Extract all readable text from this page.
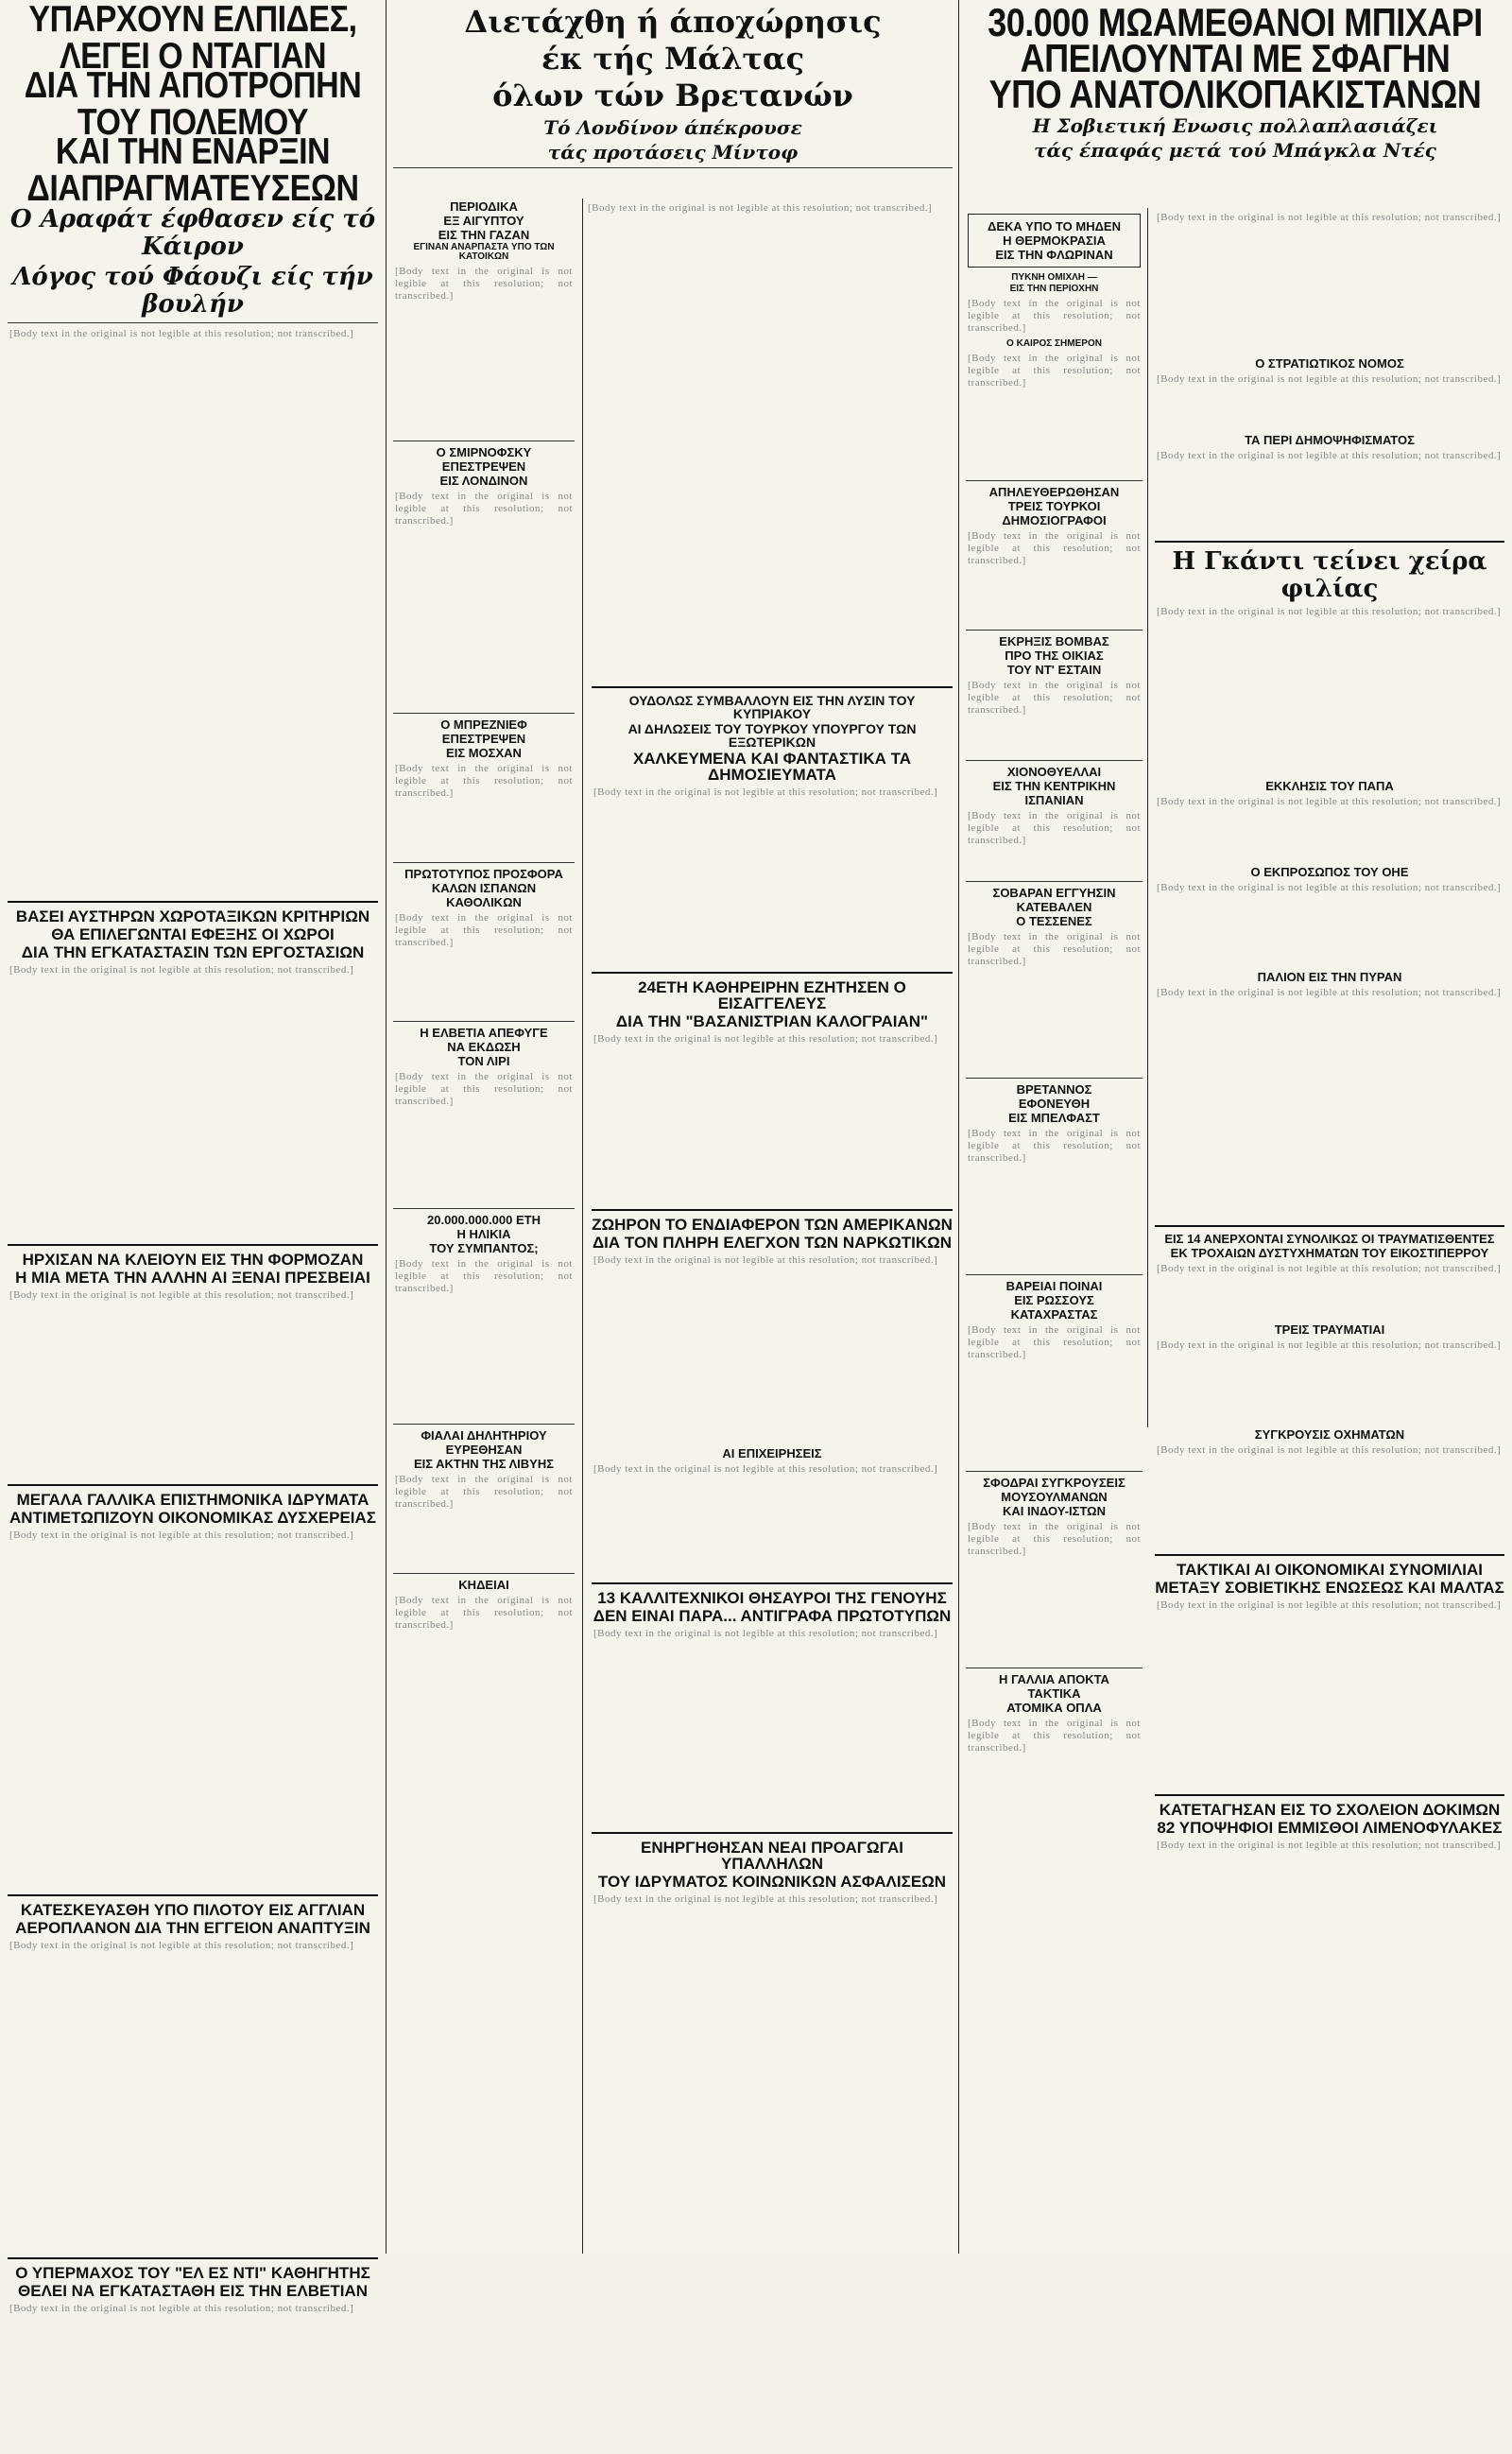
ΥΠΑΡΧΟΥΝ ΕΛΠΙΔΕΣ, ΛΕΓΕΙ Ο ΝΤΑΓΙΑΝ
ΔΙΑ ΤΗΝ ΑΠΟΤΡΟΠΗΝ ΤΟΥ ΠΟΛΕΜΟΥ
ΚΑΙ ΤΗΝ ΕΝΑΡΞΙΝ ΔΙΑΠΡΑΓΜΑΤΕΥΣΕΩΝ
Ο Αραφάτ έφθασεν είς τό Κάιρον
Λόγος τού Φάουζι είς τήν βουλήν
[Body text in the original is not legible at this resolution; not transcribed.]
ΒΑΣΕΙ ΑΥΣΤΗΡΩΝ ΧΩΡΟΤΑΞΙΚΩΝ ΚΡΙΤΗΡΙΩΝ
ΘΑ ΕΠΙΛΕΓΩΝΤΑΙ ΕΦΕΞΗΣ ΟΙ ΧΩΡΟΙ
ΔΙΑ ΤΗΝ ΕΓΚΑΤΑΣΤΑΣΙΝ ΤΩΝ ΕΡΓΟΣΤΑΣΙΩΝ
[Body text in the original is not legible at this resolution; not transcribed.]
ΗΡΧΙΣΑΝ ΝΑ ΚΛΕΙΟΥΝ ΕΙΣ ΤΗΝ ΦΟΡΜΟΖΑΝ
Η ΜΙΑ ΜΕΤΑ ΤΗΝ ΑΛΛΗΝ ΑΙ ΞΕΝΑΙ ΠΡΕΣΒΕΙΑΙ
[Body text in the original is not legible at this resolution; not transcribed.]
ΜΕΓΑΛΑ ΓΑΛΛΙΚΑ ΕΠΙΣΤΗΜΟΝΙΚΑ ΙΔΡΥΜΑΤΑ
ΑΝΤΙΜΕΤΩΠΙΖΟΥΝ ΟΙΚΟΝΟΜΙΚΑΣ ΔΥΣΧΕΡΕΙΑΣ
[Body text in the original is not legible at this resolution; not transcribed.]
ΚΑΤΕΣΚΕΥΑΣΘΗ ΥΠΟ ΠΙΛΟΤΟΥ ΕΙΣ ΑΓΓΛΙΑΝ
ΑΕΡΟΠΛΑΝΟΝ ΔΙΑ ΤΗΝ ΕΓΓΕΙΟΝ ΑΝΑΠΤΥΞΙΝ
[Body text in the original is not legible at this resolution; not transcribed.]
Ο ΥΠΕΡΜΑΧΟΣ ΤΟΥ "ΕΛ ΕΣ ΝΤΙ" ΚΑΘΗΓΗΤΗΣ
ΘΕΛΕΙ ΝΑ ΕΓΚΑΤΑΣΤΑΘΗ ΕΙΣ ΤΗΝ ΕΛΒΕΤΙΑΝ
[Body text in the original is not legible at this resolution; not transcribed.]
Διετάχθη ή άποχώρησις
έκ τής Μάλτας
όλων τών Βρετανών
Τό Λονδίνον άπέκρουσε
τάς προτάσεις Μίντοφ
ΠΕΡΙΟΔΙΚΑ
ΕΞ ΑΙΓΥΠΤΟΥ
ΕΙΣ ΤΗΝ ΓΑΖΑΝ
ΕΓΙΝΑΝ ΑΝΑΡΠΑΣΤΑ ΥΠΟ ΤΩΝ ΚΑΤΟΙΚΩΝ
[Body text in the original is not legible at this resolution; not transcribed.]
Ο ΣΜΙΡΝΟΦΣΚΥ
ΕΠΕΣΤΡΕΨΕΝ
ΕΙΣ ΛΟΝΔΙΝΟΝ
[Body text in the original is not legible at this resolution; not transcribed.]
Ο ΜΠΡΕΖΝΙΕΦ
ΕΠΕΣΤΡΕΨΕΝ
ΕΙΣ ΜΟΣΧΑΝ
[Body text in the original is not legible at this resolution; not transcribed.]
ΠΡΩΤΟΤΥΠΟΣ ΠΡΟΣΦΟΡΑ
ΚΑΛΩΝ ΙΣΠΑΝΩΝ
ΚΑΘΟΛΙΚΩΝ
[Body text in the original is not legible at this resolution; not transcribed.]
Η ΕΛΒΕΤΙΑ ΑΠΕΦΥΓΕ
ΝΑ ΕΚΔΩΣΗ
ΤΟΝ ΛΙΡΙ
[Body text in the original is not legible at this resolution; not transcribed.]
20.000.000.000 ΕΤΗ
Η ΗΛΙΚΙΑ
ΤΟΥ ΣΥΜΠΑΝΤΟΣ;
[Body text in the original is not legible at this resolution; not transcribed.]
ΦΙΑΛΑΙ ΔΗΛΗΤΗΡΙΟΥ
ΕΥΡΕΘΗΣΑΝ
ΕΙΣ ΑΚΤΗΝ ΤΗΣ ΛΙΒΥΗΣ
[Body text in the original is not legible at this resolution; not transcribed.]
ΚΗΔΕΙΑΙ
[Body text in the original is not legible at this resolution; not transcribed.]
[Body text in the original is not legible at this resolution; not transcribed.]
ΟΥΔΟΛΩΣ ΣΥΜΒΑΛΛΟΥΝ ΕΙΣ ΤΗΝ ΛΥΣΙΝ ΤΟΥ ΚΥΠΡΙΑΚΟΥ
ΑΙ ΔΗΛΩΣΕΙΣ ΤΟΥ ΤΟΥΡΚΟΥ ΥΠΟΥΡΓΟΥ ΤΩΝ ΕΞΩΤΕΡΙΚΩΝ
ΧΑΛΚΕΥΜΕΝΑ ΚΑΙ ΦΑΝΤΑΣΤΙΚΑ ΤΑ ΔΗΜΟΣΙΕΥΜΑΤΑ
[Body text in the original is not legible at this resolution; not transcribed.]
24ΕΤΗ ΚΑΘΗΡΕΙΡΗΝ ΕΖΗΤΗΣΕΝ Ο ΕΙΣΑΓΓΕΛΕΥΣ
ΔΙΑ ΤΗΝ "ΒΑΣΑΝΙΣΤΡΙΑΝ ΚΑΛΟΓΡΑΙΑΝ"
[Body text in the original is not legible at this resolution; not transcribed.]
ΖΩΗΡΟΝ ΤΟ ΕΝΔΙΑΦΕΡΟΝ ΤΩΝ ΑΜΕΡΙΚΑΝΩΝ
ΔΙΑ ΤΟΝ ΠΛΗΡΗ ΕΛΕΓΧΟΝ ΤΩΝ ΝΑΡΚΩΤΙΚΩΝ
[Body text in the original is not legible at this resolution; not transcribed.]
ΑΙ ΕΠΙΧΕΙΡΗΣΕΙΣ
[Body text in the original is not legible at this resolution; not transcribed.]
13 ΚΑΛΛΙΤΕΧΝΙΚΟΙ ΘΗΣΑΥΡΟΙ ΤΗΣ ΓΕΝΟΥΗΣ
ΔΕΝ ΕΙΝΑΙ ΠΑΡΑ... ΑΝΤΙΓΡΑΦΑ ΠΡΩΤΟΤΥΠΩΝ
[Body text in the original is not legible at this resolution; not transcribed.]
ΕΝΗΡΓΗΘΗΣΑΝ ΝΕΑΙ ΠΡΟΑΓΩΓΑΙ ΥΠΑΛΛΗΛΩΝ
ΤΟΥ ΙΔΡΥΜΑΤΟΣ ΚΟΙΝΩΝΙΚΩΝ ΑΣΦΑΛΙΣΕΩΝ
[Body text in the original is not legible at this resolution; not transcribed.]
ΔΕΚΑ ΥΠΟ ΤΟ ΜΗΔΕΝ
Η ΘΕΡΜΟΚΡΑΣΙΑ
ΕΙΣ ΤΗΝ ΦΛΩΡΙΝΑΝ
ΠΥΚΝΗ ΟΜΙΧΛΗ —
ΕΙΣ ΤΗΝ ΠΕΡΙΟΧΗΝ
[Body text in the original is not legible at this resolution; not transcribed.]
Ο ΚΑΙΡΟΣ ΣΗΜΕΡΟΝ
[Body text in the original is not legible at this resolution; not transcribed.]
ΑΠΗΛΕΥΘΕΡΩΘΗΣΑΝ
ΤΡΕΙΣ ΤΟΥΡΚΟΙ
ΔΗΜΟΣΙΟΓΡΑΦΟΙ
[Body text in the original is not legible at this resolution; not transcribed.]
ΕΚΡΗΞΙΣ ΒΟΜΒΑΣ
ΠΡΟ ΤΗΣ ΟΙΚΙΑΣ
ΤΟΥ ΝΤ' ΕΣΤΑΙΝ
[Body text in the original is not legible at this resolution; not transcribed.]
ΧΙΟΝΟΘΥΕΛΛΑΙ
ΕΙΣ ΤΗΝ ΚΕΝΤΡΙΚΗΝ
ΙΣΠΑΝΙΑΝ
[Body text in the original is not legible at this resolution; not transcribed.]
ΣΟΒΑΡΑΝ ΕΓΓΥΗΣΙΝ
ΚΑΤΕΒΑΛΕΝ
Ο ΤΕΣΣΕΝΕΣ
[Body text in the original is not legible at this resolution; not transcribed.]
ΒΡΕΤΑΝΝΟΣ
ΕΦΟΝΕΥΘΗ
ΕΙΣ ΜΠΕΛΦΑΣΤ
[Body text in the original is not legible at this resolution; not transcribed.]
ΒΑΡΕΙΑΙ ΠΟΙΝΑΙ
ΕΙΣ ΡΩΣΣΟΥΣ
ΚΑΤΑΧΡΑΣΤΑΣ
[Body text in the original is not legible at this resolution; not transcribed.]
ΣΦΟΔΡΑΙ ΣΥΓΚΡΟΥΣΕΙΣ
ΜΟΥΣΟΥΛΜΑΝΩΝ
ΚΑΙ ΙΝΔΟΥ-ΙΣΤΩΝ
[Body text in the original is not legible at this resolution; not transcribed.]
Η ΓΑΛΛΙΑ ΑΠΟΚΤΑ
ΤΑΚΤΙΚΑ
ΑΤΟΜΙΚΑ ΟΠΛΑ
[Body text in the original is not legible at this resolution; not transcribed.]
30.000 ΜΩΑΜΕΘΑΝΟΙ ΜΠΙΧΑΡΙ
ΑΠΕΙΛΟΥΝΤΑΙ ΜΕ ΣΦΑΓΗΝ
ΥΠΟ ΑΝΑΤΟΛΙΚΟΠΑΚΙΣΤΑΝΩΝ
Η Σοβιετική Ενωσις πολλαπλασιάζει
τάς έπαφάς μετά τού Μπάγκλα Ντές
[Body text in the original is not legible at this resolution; not transcribed.]
Ο ΣΤΡΑΤΙΩΤΙΚΟΣ ΝΟΜΟΣ
[Body text in the original is not legible at this resolution; not transcribed.]
ΤΑ ΠΕΡΙ ΔΗΜΟΨΗΦΙΣΜΑΤΟΣ
[Body text in the original is not legible at this resolution; not transcribed.]
Η Γκάντι τείνει χείρα φιλίας
[Body text in the original is not legible at this resolution; not transcribed.]
ΕΚΚΛΗΣΙΣ ΤΟΥ ΠΑΠΑ
[Body text in the original is not legible at this resolution; not transcribed.]
Ο ΕΚΠΡΟΣΩΠΟΣ ΤΟΥ ΟΗΕ
[Body text in the original is not legible at this resolution; not transcribed.]
ΠΑΛΙΟΝ ΕΙΣ ΤΗΝ ΠΥΡΑΝ
[Body text in the original is not legible at this resolution; not transcribed.]
ΕΙΣ 14 ΑΝΕΡΧΟΝΤΑΙ ΣΥΝΟΛΙΚΩΣ ΟΙ ΤΡΑΥΜΑΤΙΣΘΕΝΤΕΣ
ΕΚ ΤΡΟΧΑΙΩΝ ΔΥΣΤΥΧΗΜΑΤΩΝ ΤΟΥ ΕΙΚΟΣΤΙΠΕΡΡΟΥ
[Body text in the original is not legible at this resolution; not transcribed.]
ΤΡΕΙΣ ΤΡΑΥΜΑΤΙΑΙ
[Body text in the original is not legible at this resolution; not transcribed.]
ΣΥΓΚΡΟΥΣΙΣ ΟΧΗΜΑΤΩΝ
[Body text in the original is not legible at this resolution; not transcribed.]
ΤΑΚΤΙΚΑΙ ΑΙ ΟΙΚΟΝΟΜΙΚΑΙ ΣΥΝΟΜΙΛΙΑΙ
ΜΕΤΑΞΥ ΣΟΒΙΕΤΙΚΗΣ ΕΝΩΣΕΩΣ ΚΑΙ ΜΑΛΤΑΣ
[Body text in the original is not legible at this resolution; not transcribed.]
ΚΑΤΕΤΑΓΗΣΑΝ ΕΙΣ ΤΟ ΣΧΟΛΕΙΟΝ ΔΟΚΙΜΩΝ
82 ΥΠΟΨΗΦΙΟΙ ΕΜΜΙΣΘΟΙ ΛΙΜΕΝΟΦΥΛΑΚΕΣ
[Body text in the original is not legible at this resolution; not transcribed.]
